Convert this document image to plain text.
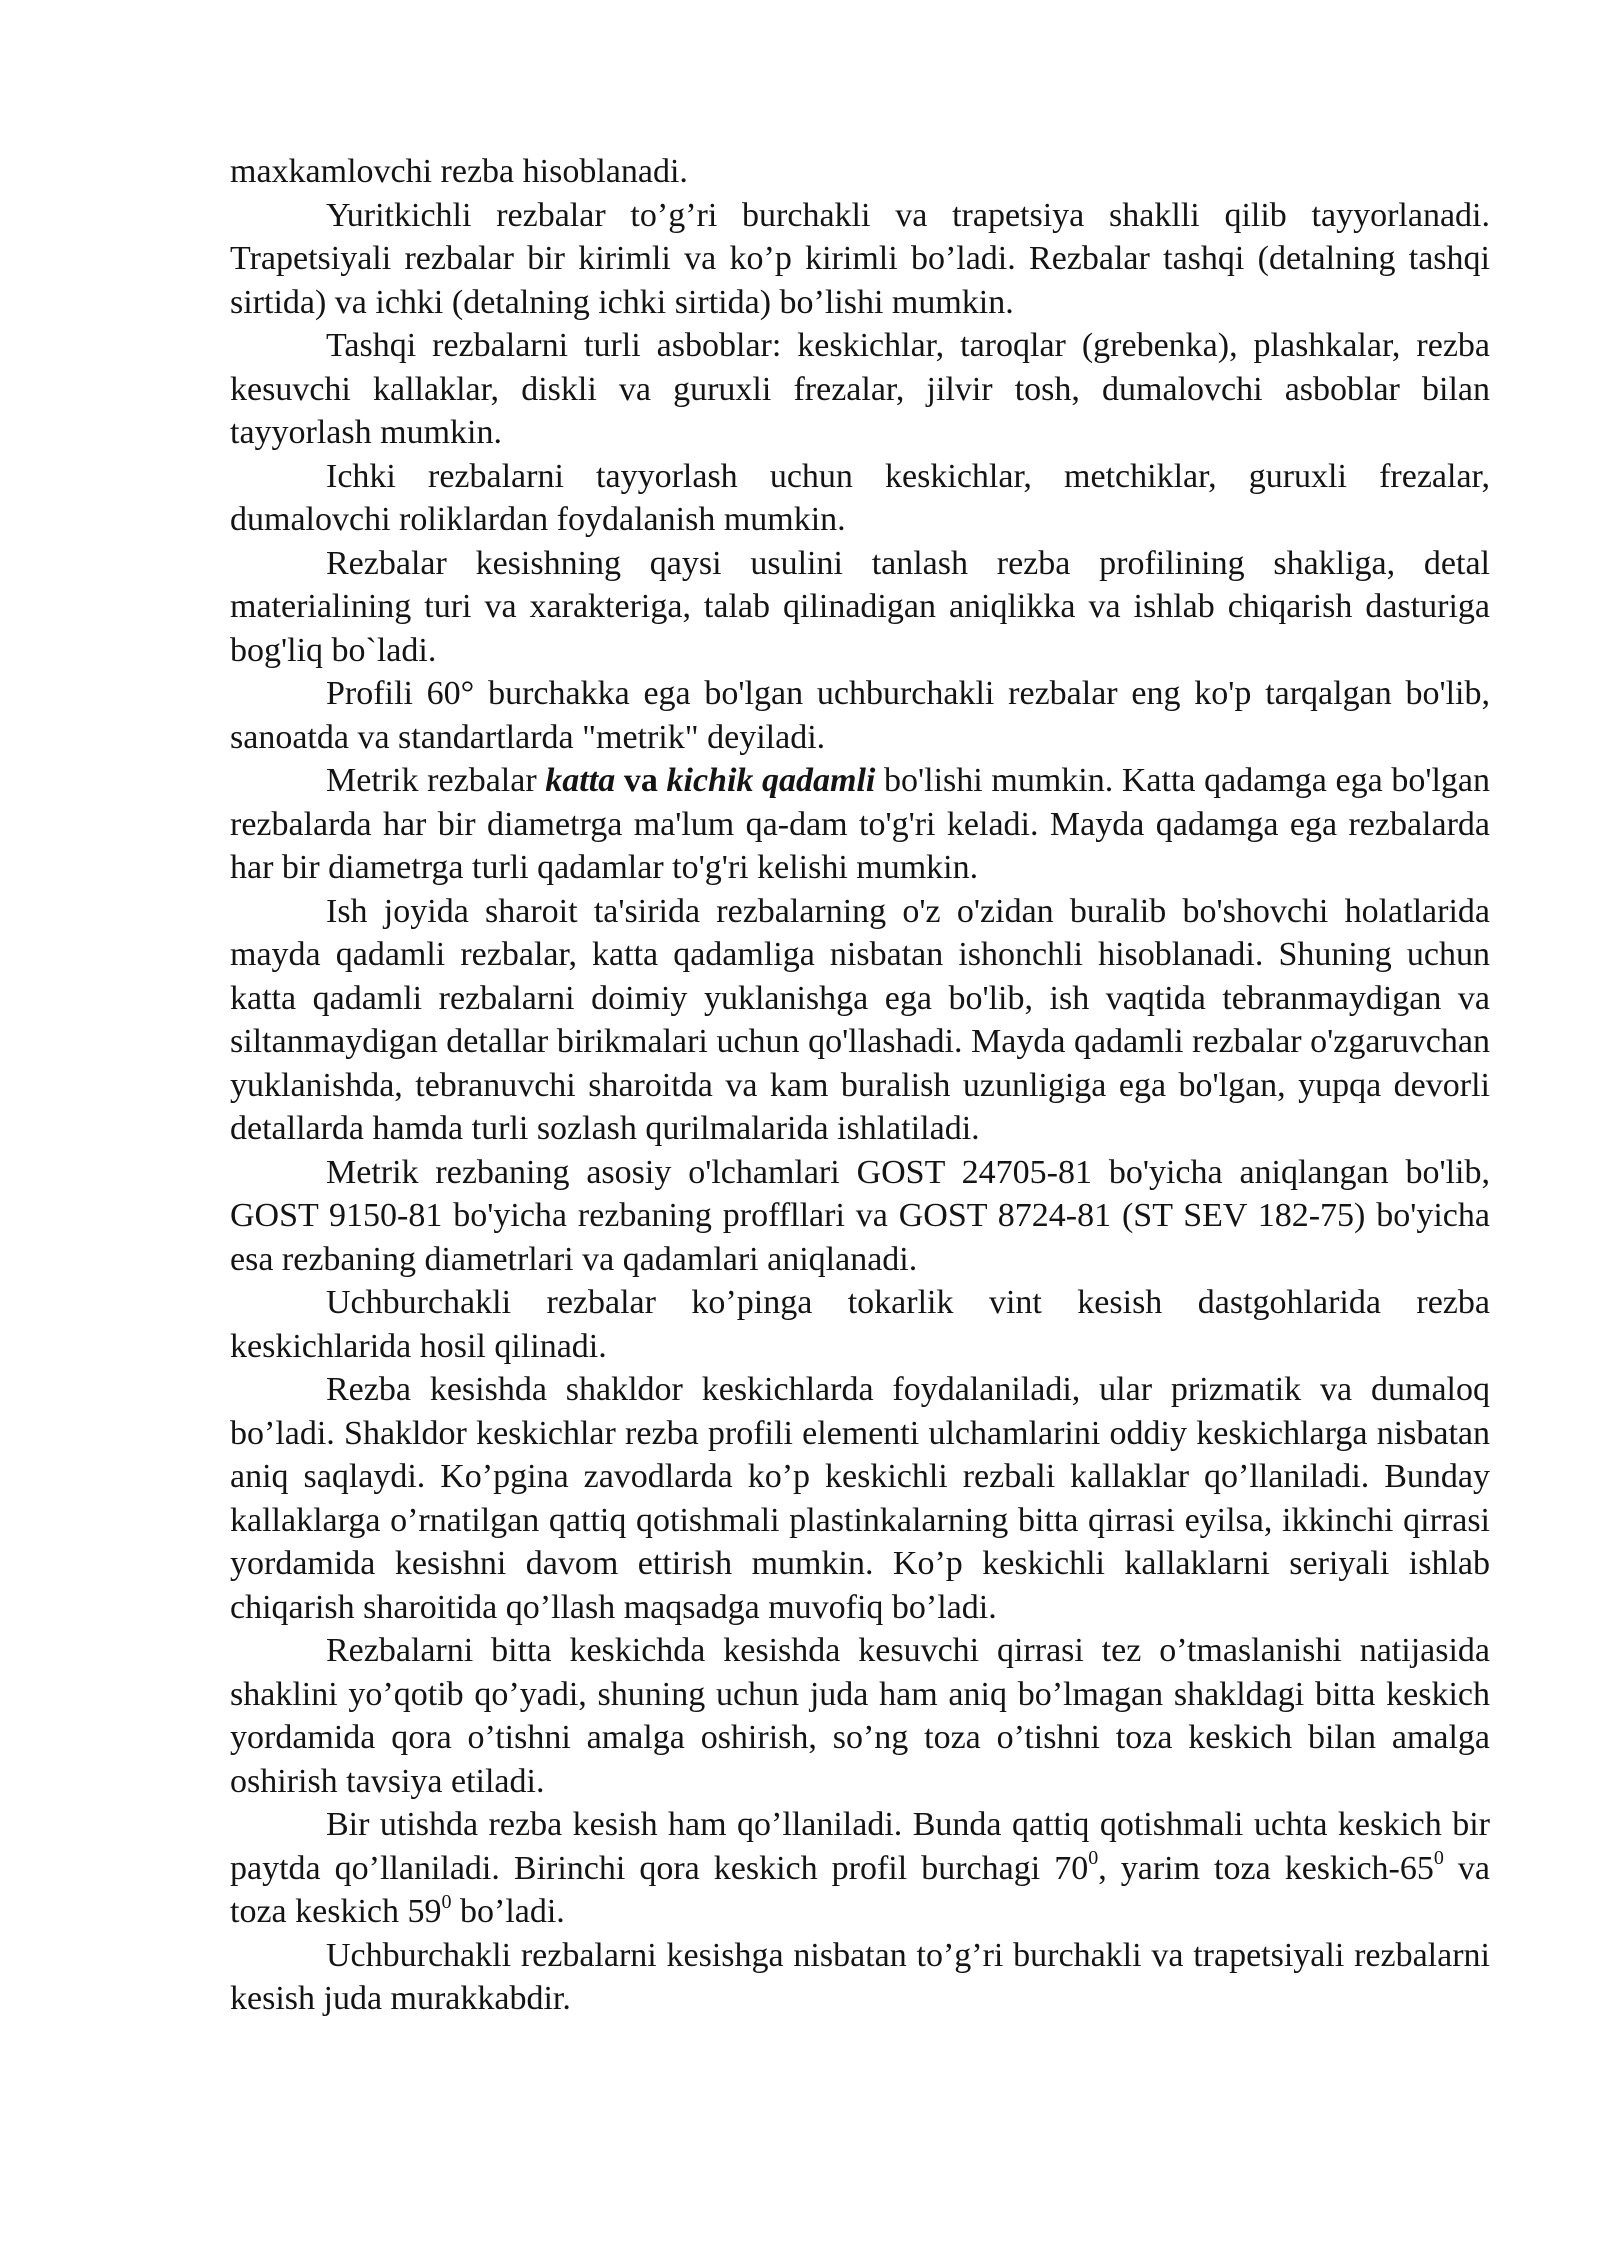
maxkamlovchi rezba hisoblanadi.

Yuritkichli rezbalar to’g’ri burchakli va trapetsiya shaklli qilib tayyorlanadi. Trapetsiyali rezbalar bir kirimli va ko’p kirimli bo’ladi. Rezbalar tashqi (detalning tashqi sirtida) va ichki (detalning ichki sirtida) bo’lishi mumkin.

Tashqi rezbalarni turli asboblar: keskichlar, taroqlar (grebenka), plashkalar, rezba kesuvchi kallaklar, diskli va guruxli frezalar, jilvir tosh, dumalovchi asboblar bilan tayyorlash mumkin.

Ichki rezbalarni tayyorlash uchun keskichlar, metchiklar, guruxli frezalar, dumalovchi roliklardan foydalanish mumkin.

Rezbalar kesishning qaysi usulini tanlash rezba profilining shakliga, detal materialining turi va xarakteriga, talab qilinadigan aniqlikka va ishlab chiqarish dasturiga bog'liq bo`ladi.

Profili 60° burchakka ega bo'lgan uchburchakli rezbalar eng ko'p tarqalgan bo'lib, sanoatda va standartlarda "metrik" deyiladi.

Metrik rezbalar katta va kichik qadamli bo'lishi mumkin. Katta qadamga ega bo'lgan rezbalarda har bir diametrga ma'lum qa-dam to'g'ri keladi. Mayda qadamga ega rezbalarda har bir diametrga turli qadamlar to'g'ri kelishi mumkin.

Ish joyida sharoit ta'sirida rezbalarning o'z o'zidan buralib bo'shovchi holatlarida mayda qadamli rezbalar, katta qadamliga nisbatan ishonchli hisoblanadi. Shuning uchun katta qadamli rezbalarni doimiy yuklanishga ega bo'lib, ish vaqtida tebranmaydigan va siltanmaydigan detallar birikmalari uchun qo'llashadi. Mayda qadamli rezbalar o'zgaruvchan yuklanishda, tebranuvchi sharoitda va kam buralish uzunligiga ega bo'lgan, yupqa devorli detallarda hamda turli sozlash qurilmalarida ishlatiladi.

Metrik rezbaning asosiy o'lchamlari GOST 24705-81 bo'yicha aniqlangan bo'lib, GOST 9150-81 bo'yicha rezbaning proffllari va GOST 8724-81 (ST SEV 182-75) bo'yicha esa rezbaning diametrlari va qadamlari aniqlanadi.

Uchburchakli rezbalar ko’pinga tokarlik vint kesish dastgohlarida rezba keskichlarida hosil qilinadi.

Rezba kesishda shakldor keskichlarda foydalaniladi, ular prizmatik va dumaloq bo’ladi. Shakldor keskichlar rezba profili elementi ulchamlarini oddiy keskichlarga nisbatan aniq saqlaydi. Ko’pgina zavodlarda ko’p keskichli rezbali kallaklar qo’llaniladi. Bunday kallaklarga o’rnatilgan qattiq qotishmali plastinkalarning bitta qirrasi eyilsa, ikkinchi qirrasi yordamida kesishni davom ettirish mumkin. Ko’p keskichli kallaklarni seriyali ishlab chiqarish sharoitida qo’llash maqsadga muvofiq bo’ladi.

Rezbalarni bitta keskichda kesishda kesuvchi qirrasi tez o’tmaslanishi natijasida shaklini yo’qotib qo’yadi, shuning uchun juda ham aniq bo’lmagan shakldagi bitta keskich yordamida qora o’tishni amalga oshirish, so’ng toza o’tishni toza keskich bilan amalga oshirish tavsiya etiladi.

Bir utishda rezba kesish ham qo’llaniladi. Bunda qattiq qotishmali uchta keskich bir paytda qo’llaniladi. Birinchi qora keskich profil burchagi $70^0$, yarim toza keskich-$65^0$ va toza keskich $59^0$ bo’ladi.

Uchburchakli rezbalarni kesishga nisbatan to’g’ri burchakli va trapetsiyali rezbalarni kesish juda murakkabdir.
